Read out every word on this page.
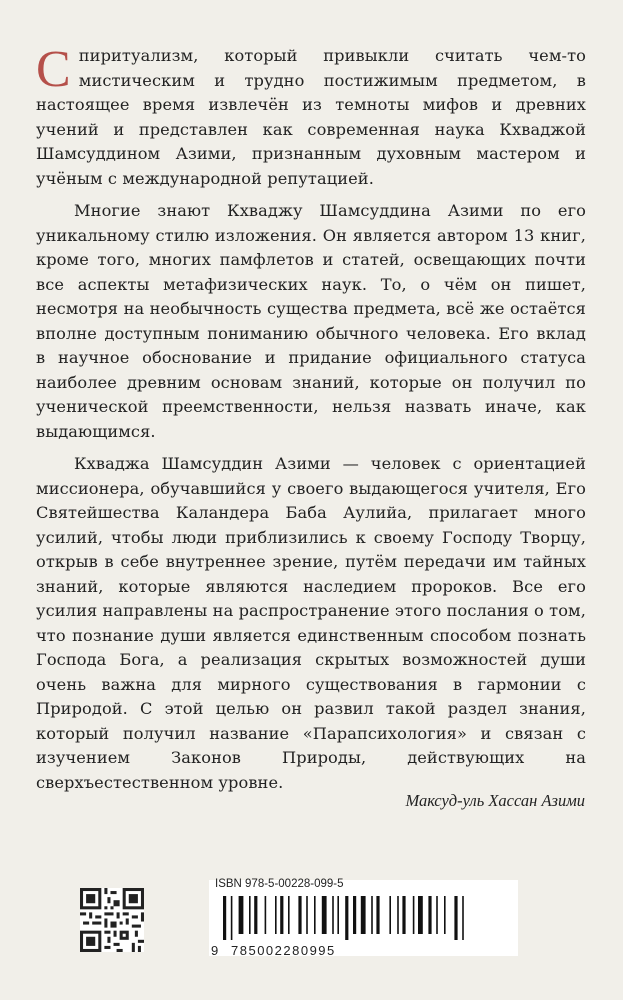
Спиритуализм, который привыкли считать чем-то мистическим и трудно постижимым предметом, в настоящее время извлечён из темноты мифов и древних учений и представлен как современная наука Кхваджой Шамсуддином Азими, признанным духовным мастером и учёным с международной репутацией.

Многие знают Кхваджу Шамсуддина Азими по его уникальному стилю изложения. Он является автором 13 книг, кроме того, многих памфлетов и статей, освещающих почти все аспекты метафизических наук. То, о чём он пишет, несмотря на необычность существа предмета, всё же остаётся вполне доступным пониманию обычного человека. Его вклад в научное обоснование и придание официального статуса наиболее древним основам знаний, которые он получил по ученической преемственности, нельзя назвать иначе, как выдающимся.

Кхваджа Шамсуддин Азими — человек с ориентацией миссионера, обучавшийся у своего выдающегося учителя, Его Святейшества Каландера Баба Аулийа, прилагает много усилий, чтобы люди приблизились к своему Господу Творцу, открыв в себе внутреннее зрение, путём передачи им тайных знаний, которые являются наследием пророков. Все его усилия направлены на распространение этого послания о том, что познание души является единственным способом познать Господа Бога, а реализация скрытых возможностей души очень важна для мирного существования в гармонии с Природой. С этой целью он развил такой раздел знания, который получил название «Парапсихология» и связан с изучением Законов Природы, действующих на сверхъестественном уровне.

Максуд-уль Хассан Азими
ISBN 978-5-00228-099-5
9 785002280995
